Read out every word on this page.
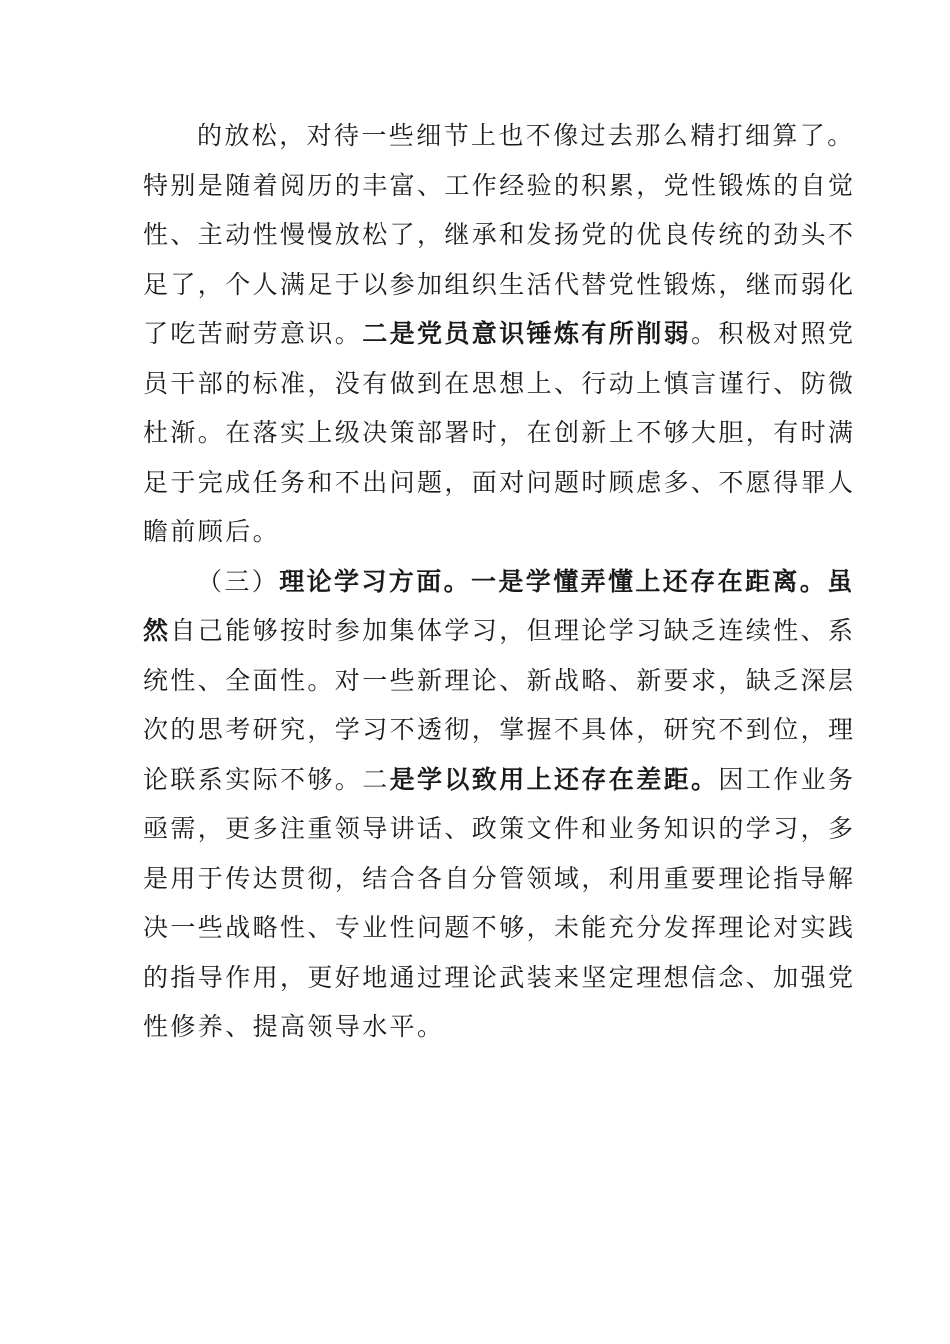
的放松，对待一些细节上也不像过去那么精打细算了。
特别是随着阅历的丰富、工作经验的积累，党性锻炼的自觉
性、主动性慢慢放松了，继承和发扬党的优良传统的劲头不
足了，个人满足于以参加组织生活代替党性锻炼，继而弱化
了吃苦耐劳意识。二是党员意识锤炼有所削弱。积极对照党
员干部的标准，没有做到在思想上、行动上慎言谨行、防微
杜渐。在落实上级决策部署时，在创新上不够大胆，有时满
足于完成任务和不出问题，面对问题时顾虑多、不愿得罪人
瞻前顾后。
（三）理论学习方面。一是学懂弄懂上还存在距离。虽
然自己能够按时参加集体学习，但理论学习缺乏连续性、系
统性、全面性。对一些新理论、新战略、新要求，缺乏深层
次的思考研究，学习不透彻，掌握不具体，研究不到位，理
论联系实际不够。二是学以致用上还存在差距。因工作业务
亟需，更多注重领导讲话、政策文件和业务知识的学习，多
是用于传达贯彻，结合各自分管领域，利用重要理论指导解
决一些战略性、专业性问题不够，未能充分发挥理论对实践
的指导作用，更好地通过理论武装来坚定理想信念、加强党
性修养、提高领导水平。
